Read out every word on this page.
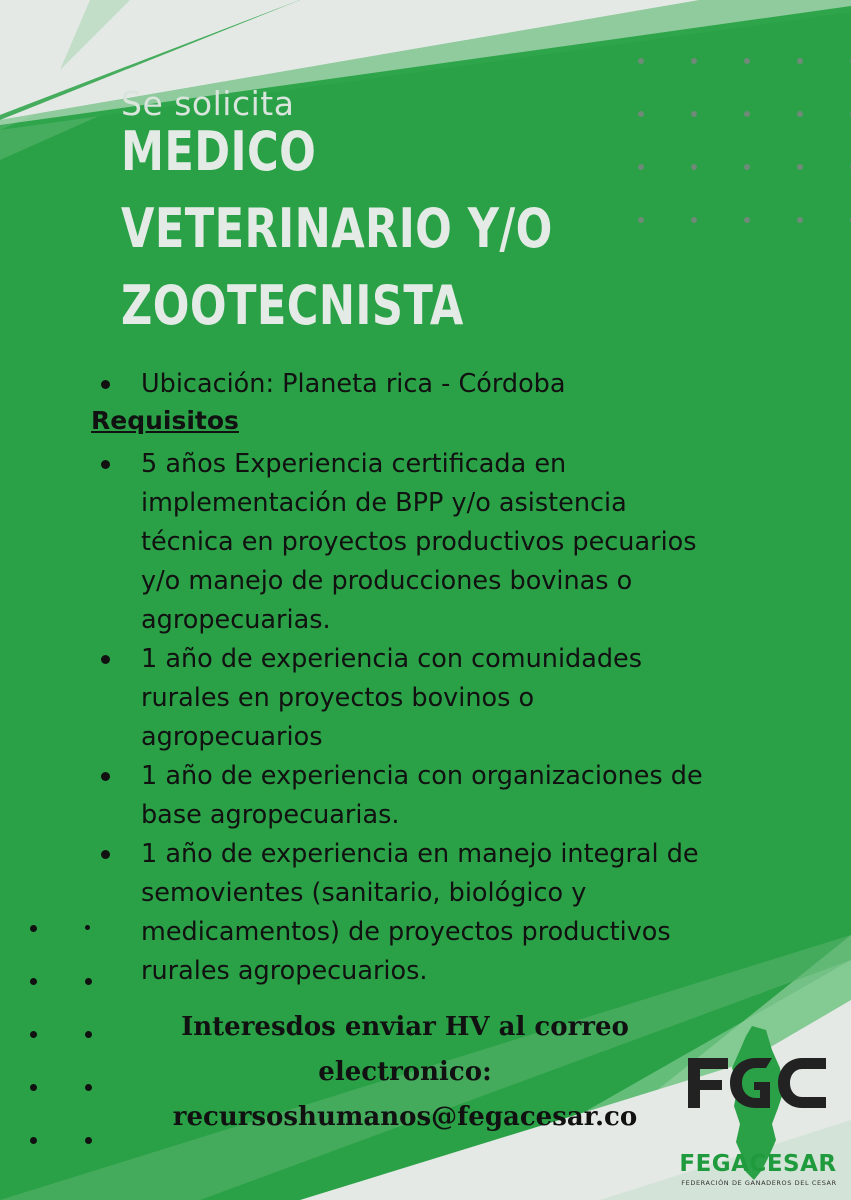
Se solicita
MEDICO
VETERINARIO Y/O
ZOOTECNISTA
Ubicación: Planeta rica - Córdoba
Requisitos
5 años Experiencia certificada en implementación de BPP y/o asistencia técnica en proyectos productivos pecuarios y/o manejo de producciones bovinas o agropecuarias.
1 año de experiencia con comunidades rurales en proyectos bovinos o agropecuarios
1 año de experiencia con organizaciones de base agropecuarias.
1 año de experiencia en manejo integral de semovientes (sanitario, biológico y medicamentos) de proyectos productivos rurales agropecuarios.
Interesdos enviar HV al correo
electronico:
recursoshumanos@fegacesar.co
FEGACESAR
FEDERACIÓN DE GANADEROS DEL CESAR
